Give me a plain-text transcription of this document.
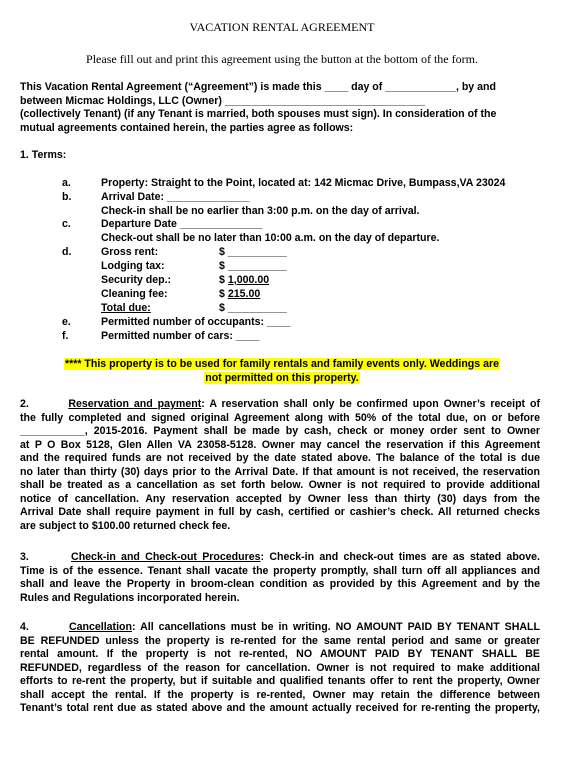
VACATION RENTAL AGREEMENT
Please fill out and print this agreement using the button at the bottom of the form.
This Vacation Rental Agreement (“Agreement”) is made this ____ day of ____________, by and
between Micmac Holdings, LLC (Owner) __________________________________
(collectively Tenant) (if any Tenant is married, both spouses must sign). In consideration of the
mutual agreements contained herein, the parties agree as follows:
1. Terms:
a.	Property: Straight to the Point, located at: 142 Micmac Drive, Bumpass,VA 23024
b.	Arrival Date: ______________
Check-in shall be no earlier than 3:00 p.m. on the day of arrival.
c.	Departure Date ______________
Check-out shall be no later than 10:00 a.m. on the day of departure.
d.	Gross rent:	$ __________
Lodging tax:	$ __________
Security dep.:	$ 1,000.00
Cleaning fee:	$ 215.00
Total due:	$ __________
e.	Permitted number of occupants: ____
f.	Permitted number of cars: ____
**** This property is to be used for family rentals and family events only. Weddings are
not permitted on this property.
2.	Reservation and payment: A reservation shall only be confirmed upon Owner’s receipt of
the fully completed and signed original Agreement along with 50% of the total due, on or before
___________, 2015-2016. Payment shall be made by cash, check or money order sent to Owner
at P O Box 5128, Glen Allen VA 23058-5128. Owner may cancel the reservation if this Agreement
and the required funds are not received by the date stated above. The balance of the total is due
no later than thirty (30) days prior to the Arrival Date. If that amount is not received, the reservation
shall be treated as a cancellation as set forth below. Owner is not required to provide additional
notice of cancellation. Any reservation accepted by Owner less than thirty (30) days from the
Arrival Date shall require payment in full by cash, certified or cashier’s check. All returned checks
are subject to $100.00 returned check fee.
3.	Check-in and Check-out Procedures: Check-in and check-out times are as stated above.
Time is of the essence. Tenant shall vacate the property promptly, shall turn off all appliances and
shall and leave the Property in broom-clean condition as provided by this Agreement and by the
Rules and Regulations incorporated herein.
4.	Cancellation: All cancellations must be in writing. NO AMOUNT PAID BY TENANT SHALL
BE REFUNDED unless the property is re-rented for the same rental period and same or greater
rental amount. If the property is not re-rented, NO AMOUNT PAID BY TENANT SHALL BE
REFUNDED, regardless of the reason for cancellation. Owner is not required to make additional
efforts to re-rent the property, but if suitable and qualified tenants offer to rent the property, Owner
shall accept the rental. If the property is re-rented, Owner may retain the difference between
Tenant’s total rent due as stated above and the amount actually received for re-renting the property,
